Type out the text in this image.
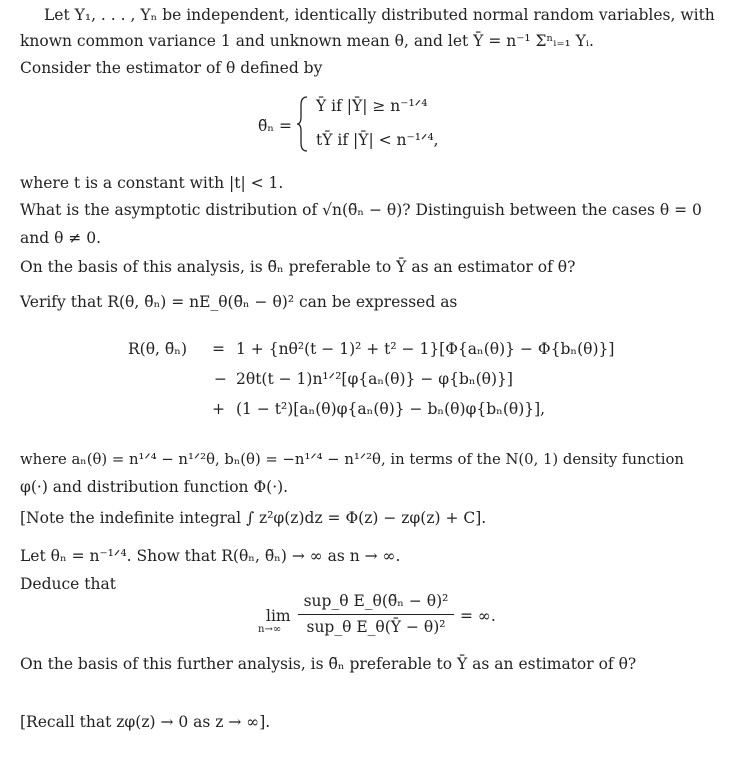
Let Y₁, . . . , Yₙ be independent, identically distributed normal random variables, with
known common variance 1 and unknown mean θ, and let Ȳ = n⁻¹ Σⁿᵢ₌₁ Yᵢ.
Consider the estimator of θ defined by
θ̃ₙ =
Ȳ if |Ȳ| ≥ n⁻¹ᐟ⁴
tȲ if |Ȳ| < n⁻¹ᐟ⁴,
where t is a constant with |t| < 1.
What is the asymptotic distribution of √n(θ̃ₙ − θ)? Distinguish between the cases θ = 0
and θ ≠ 0.
On the basis of this analysis, is θ̃ₙ preferable to Ȳ as an estimator of θ?
Verify that R(θ, θ̃ₙ) = nE_θ(θ̃ₙ − θ)² can be expressed as
R(θ, θ̃ₙ) = 1 + {nθ²(t − 1)² + t² − 1}[Φ{aₙ(θ)} − Φ{bₙ(θ)}]
− 2θt(t − 1)n¹ᐟ²[φ{aₙ(θ)} − φ{bₙ(θ)}]
+ (1 − t²)[aₙ(θ)φ{aₙ(θ)} − bₙ(θ)φ{bₙ(θ)}],
where aₙ(θ) = n¹ᐟ⁴ − n¹ᐟ²θ, bₙ(θ) = −n¹ᐟ⁴ − n¹ᐟ²θ, in terms of the N(0, 1) density function
φ(·) and distribution function Φ(·).
[Note the indefinite integral ∫ z²φ(z)dz = Φ(z) − zφ(z) + C].
Let θₙ = n⁻¹ᐟ⁴. Show that R(θₙ, θ̃ₙ) → ∞ as n → ∞.
Deduce that
lim
n→∞
sup_θ E_θ(θ̃ₙ − θ)²
sup_θ E_θ(Ȳ − θ)²
= ∞.
On the basis of this further analysis, is θ̃ₙ preferable to Ȳ as an estimator of θ?
[Recall that zφ(z) → 0 as z → ∞].
